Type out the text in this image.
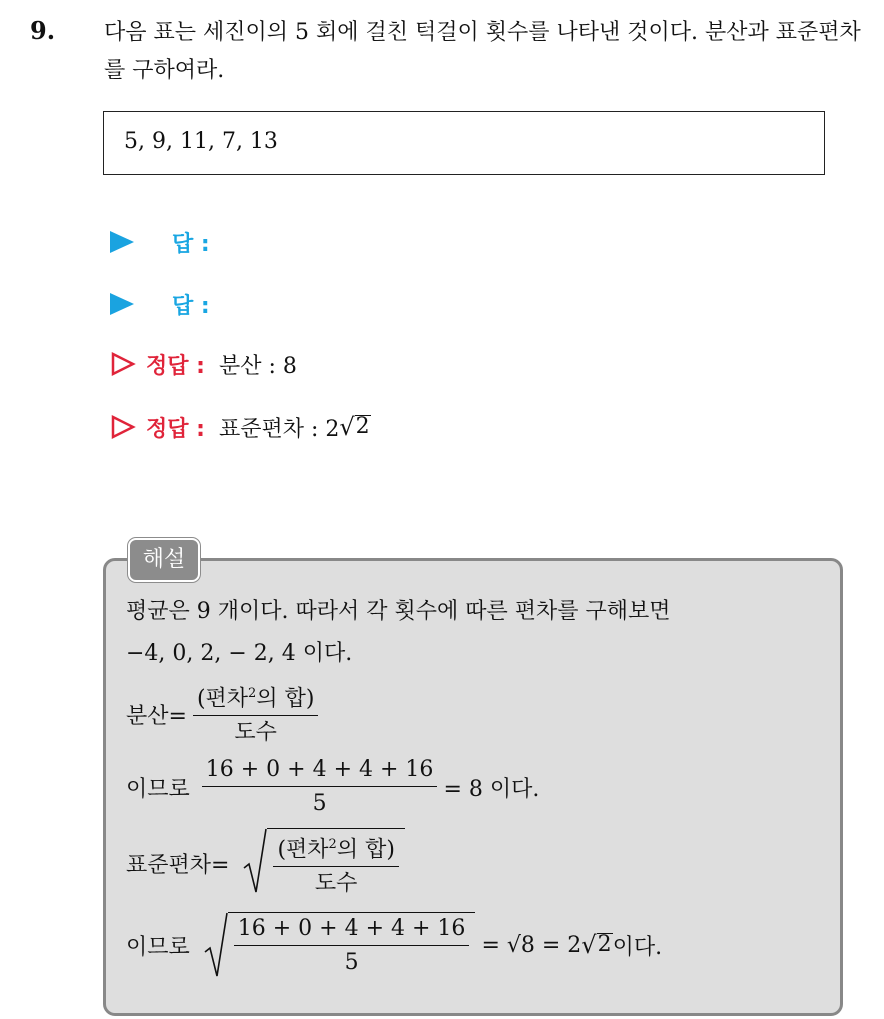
9. 다음 표는 세진이의 5 회에 걸친 턱걸이 횟수를 나타낸 것이다. 분산과 표준편차를 구하여라.
5, 9, 11, 7, 13
답 :
답 :
정답 : 분산 : 8
정답 : 표준편차 : 2 √ 2
해설
평균은 9 개이다. 따라서 각 횟수에 따른 편차를 구해보면
−4, 0, 2, − 2, 4 이다.
분산= $\frac{(편차^2의 합)}{\text{도수}}$
이므로 $\frac{16 + 0 + 4 + 4 + 16}{5} = 8$ 이다.
표준편차= $\frac{(편차^2의 합)}{\text{도수}}$
이므로 $\frac{16 + 0 + 4 + 4 + 16}{5} = √8 = 2$ √ 2 이다.
